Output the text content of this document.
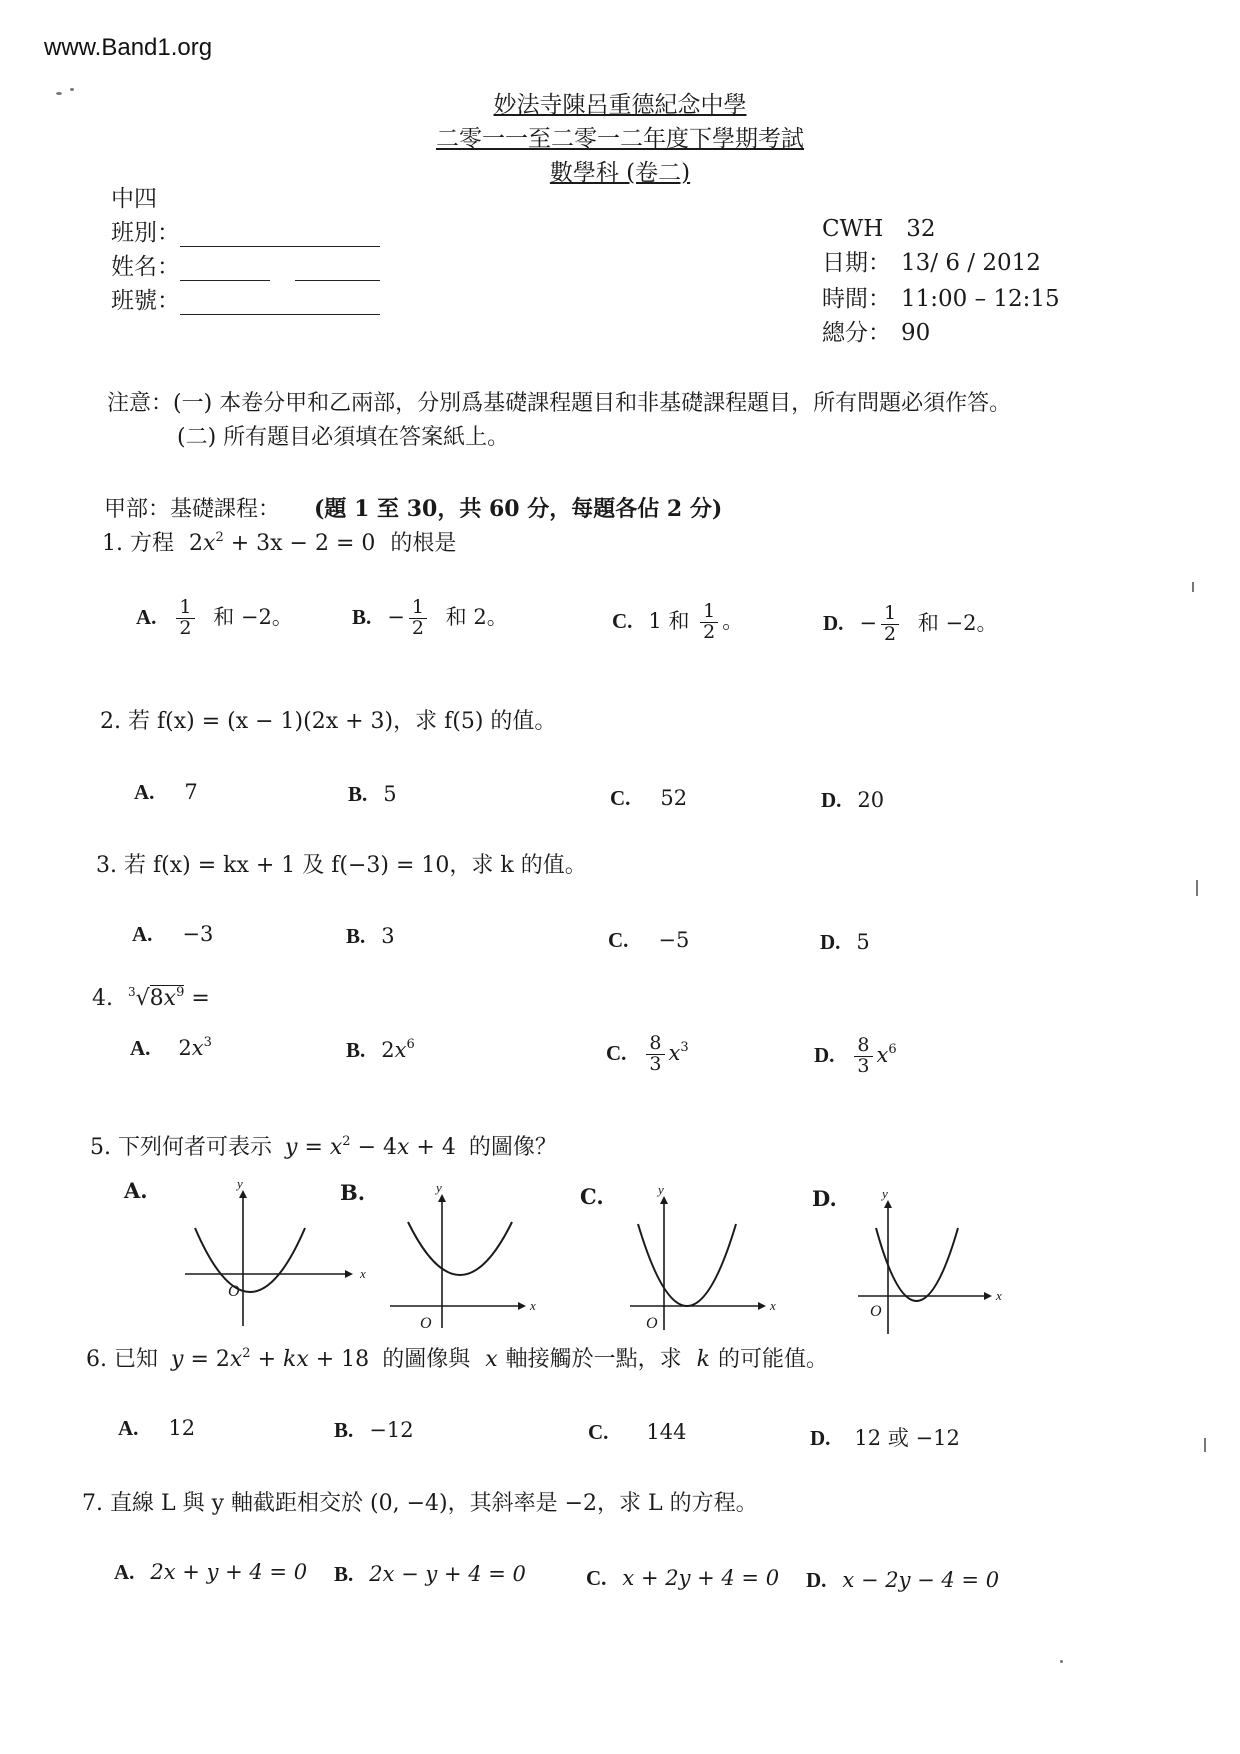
www.Band1.org
妙法寺陳呂重德紀念中學
二零一一至二零一二年度下學期考試
數學科 (卷二)
中四
班別：
姓名：
班號：
CWH　32
日期： 13/ 6 / 2012
時間： 11:00 – 12:15
總分： 90
注意：(一) 本卷分甲和乙兩部，分別爲基礎課程題目和非基礎課程題目，所有問題必須作答。
(二) 所有題目必須填在答案紙上。
甲部：基礎課程： (題 1 至 30，共 60 分，每題各佔 2 分)
1. 方程 $2x^2 + 3x - 2 = 0$ 的根是
A. $\frac{1}{2}$ 和 −2。	B. − $\frac{1}{2}$ 和 2。	C. 1 和 $\frac{1}{2}$ 。	D. − $\frac{1}{2}$ 和 −2。
2. 若 f(x) = (x − 1)(2x + 3)，求 f(5) 的值。
A. 7	B. 5	C. 52	D. 20
3. 若 f(x) = kx + 1 及 f(−3) = 10，求 k 的值。
A. −3	B. 3	C. −5	D. 5
4. $^3√8x^9$ =
A. $2x^3$	B. $2x^6$	C. $\frac{8}{3} x^3$	D. $\frac{8}{3} x^6$
5. 下列何者可表示 $y = x^2 - 4x + 4$ 的圖像？
A.
x
y
O
B.
x
y
O
C.
x
y
O
D.
x
y
O
6. 已知 $y = 2x^2$ + kx + 18 的圖像與 x 軸接觸於一點，求 k 的可能值。
A. 12	B. −12	C. 144	D. 12 或 −12
7. 直線 L 與 y 軸截距相交於 (0, −4)，其斜率是 −2，求 L 的方程。
A. 2x + y + 4 = 0 B. 2x − y + 4 = 0	C. x + 2y + 4 = 0 D. x − 2y − 4 = 0
